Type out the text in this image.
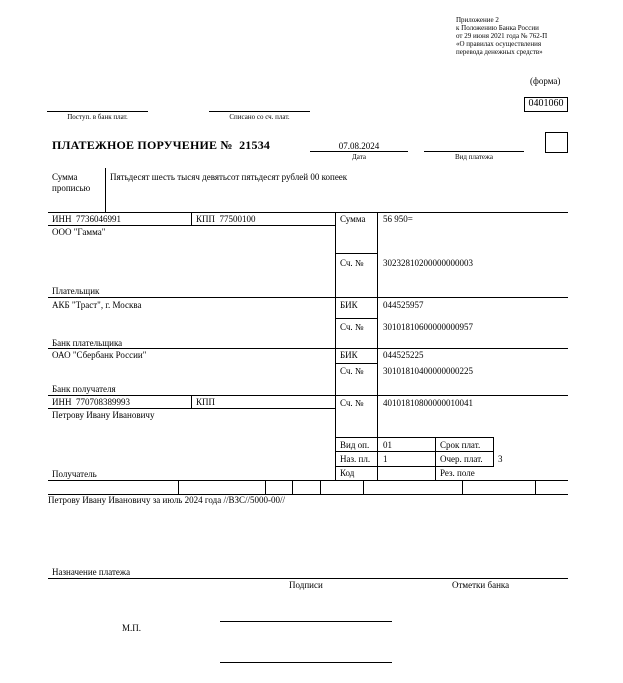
Приложение 2
к Положению Банка России
от 29 июня 2021 года № 762-П
«О правилах осуществления
перевода денежных средств»
(форма)
0401060
Поступ. в банк плат.	Списано со сч. плат.
ПЛАТЕЖНОЕ ПОРУЧЕНИЕ № 21534	07.08.2024
Дата	Вид платежа
Сумма
прописью
Пятьдесят шесть тысяч девятьсот пятьдесят рублей 00 копеек
ИНН 7736046991	КПП 77500100
ООО "Гамма"
Плательщик
Сумма 56 950=
Сч. № 30232810200000000003
АКБ "Траст", г. Москва
Банк плательщика
БИК	044525957
Сч. № 30101810600000000957
ОАО "Сбербанк России"
Банк получателя
БИК	044525225
Сч. № 30101810400000000225
ИНН 770708389993	КПП
Петрову Ивану Ивановичу
Получатель
Сч. № 40101810800000010041
Вид оп. 01	Срок плат.
Наз. пл. 1	Очер. плат. 3
Код	Рез. поле
Петрову Ивану Ивановичу за июль 2024 года //ВЗС//5000-00//
Назначение платежа
Подписи	Отметки банка
М.П.
